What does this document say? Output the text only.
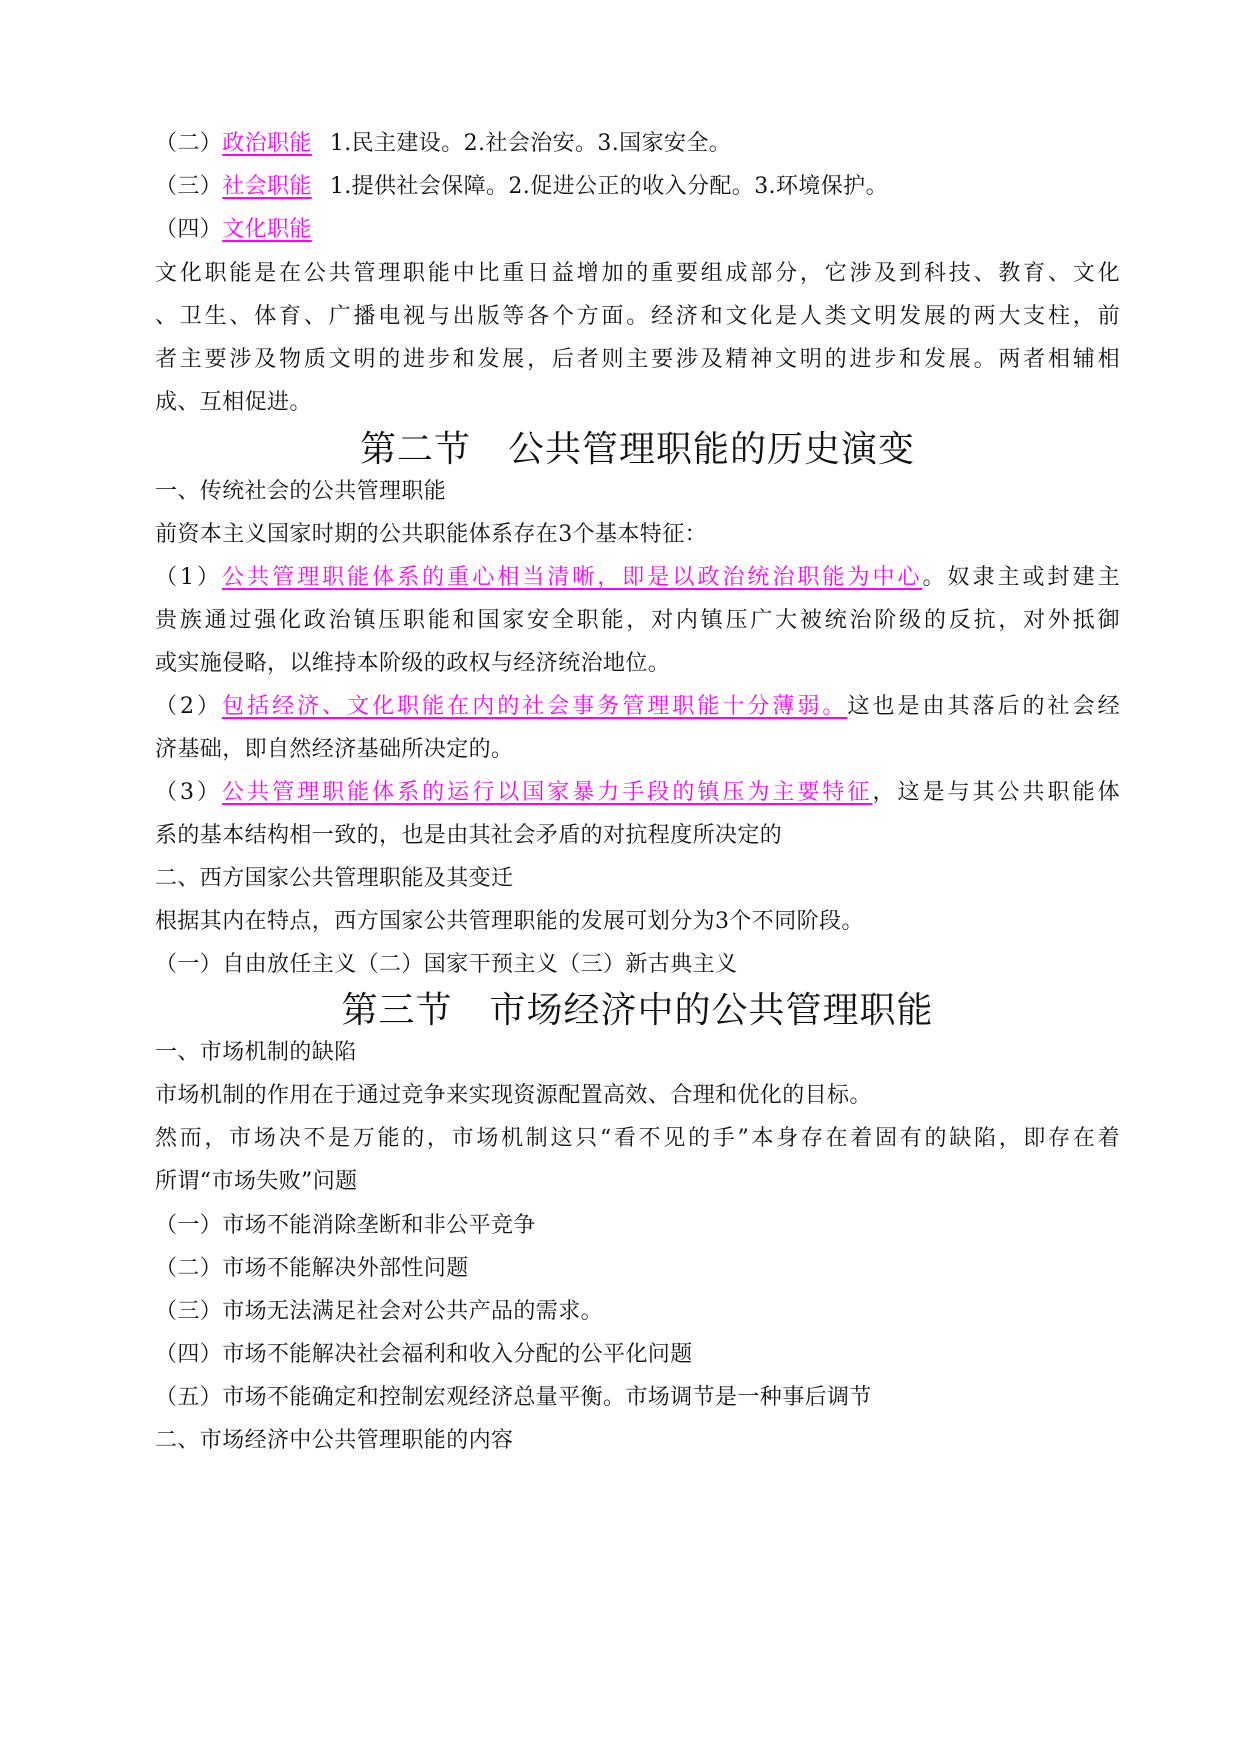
（二）政治职能 1.民主建设。2.社会治安。3.国家安全。
（三）社会职能 1.提供社会保障。2.促进公正的收入分配。3.环境保护。
（四）文化职能
文化职能是在公共管理职能中比重日益增加的重要组成部分，它涉及到科技、教育、文化
、卫生、体育、广播电视与出版等各个方面。经济和文化是人类文明发展的两大支柱，前
者主要涉及物质文明的进步和发展，后者则主要涉及精神文明的进步和发展。两者相辅相
成、互相促进。
第二节　公共管理职能的历史演变
一、传统社会的公共管理职能
前资本主义国家时期的公共职能体系存在3个基本特征：
（1）公共管理职能体系的重心相当清晰，即是以政治统治职能为中心。奴隶主或封建主
贵族通过强化政治镇压职能和国家安全职能，对内镇压广大被统治阶级的反抗，对外抵御
或实施侵略，以维持本阶级的政权与经济统治地位。
（2）包括经济、文化职能在内的社会事务管理职能十分薄弱。这也是由其落后的社会经
济基础，即自然经济基础所决定的。
（3）公共管理职能体系的运行以国家暴力手段的镇压为主要特征，这是与其公共职能体
系的基本结构相一致的，也是由其社会矛盾的对抗程度所决定的
二、西方国家公共管理职能及其变迁
根据其内在特点，西方国家公共管理职能的发展可划分为3个不同阶段。
（一）自由放任主义（二）国家干预主义（三）新古典主义
第三节　市场经济中的公共管理职能
一、市场机制的缺陷
市场机制的作用在于通过竞争来实现资源配置高效、合理和优化的目标。
然而，市场决不是万能的，市场机制这只“看不见的手”本身存在着固有的缺陷，即存在着
所谓“市场失败”问题
（一）市场不能消除垄断和非公平竞争
（二）市场不能解决外部性问题
（三）市场无法满足社会对公共产品的需求。
（四）市场不能解决社会福利和收入分配的公平化问题
（五）市场不能确定和控制宏观经济总量平衡。市场调节是一种事后调节
二、市场经济中公共管理职能的内容
